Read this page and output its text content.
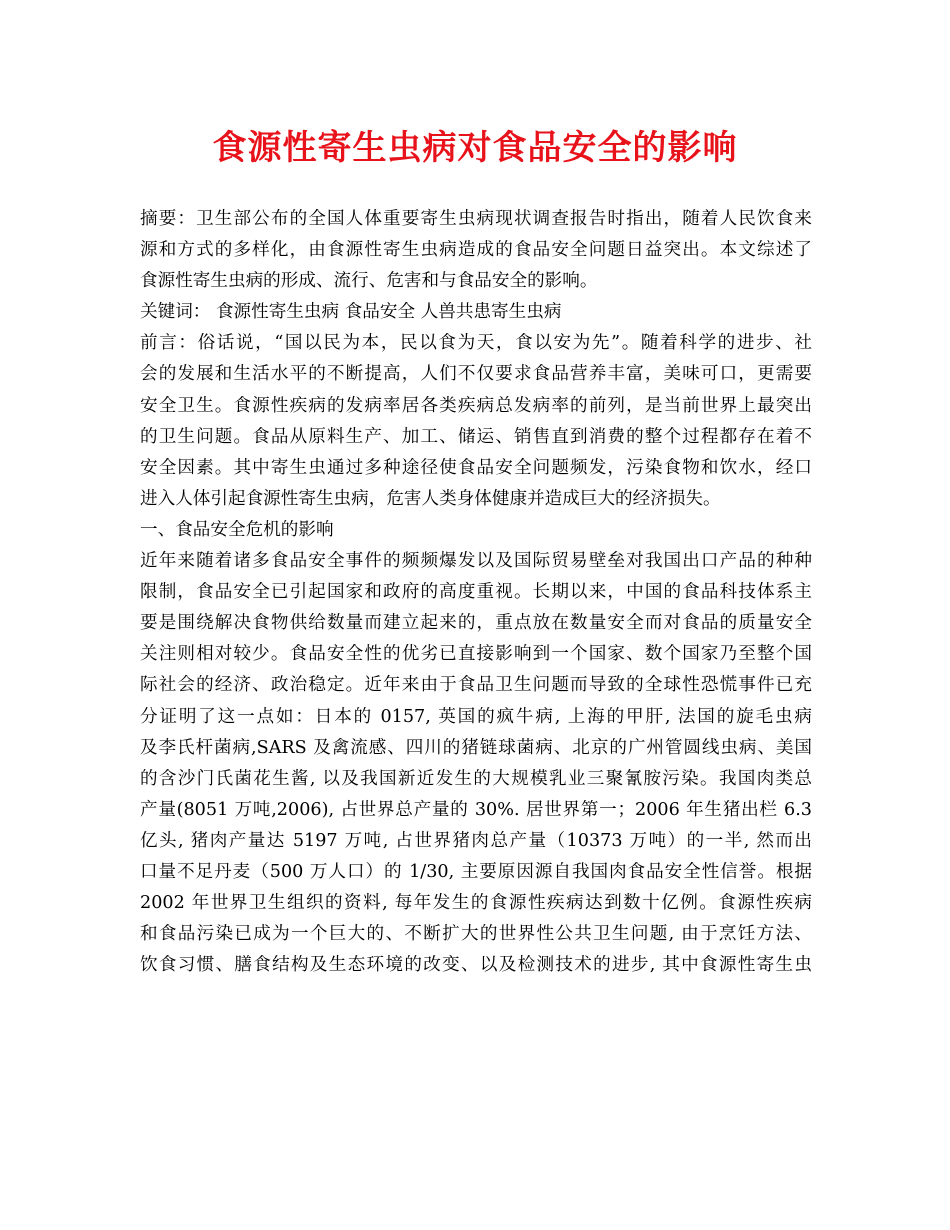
食源性寄生虫病对食品安全的影响
摘要：卫生部公布的全国人体重要寄生虫病现状调查报告时指出，随着人民饮食来
源和方式的多样化，由食源性寄生虫病造成的食品安全问题日益突出。本文综述了
食源性寄生虫病的形成、流行、危害和与食品安全的影响。
关键词： 食源性寄生虫病 食品安全 人兽共患寄生虫病
前言：俗话说，“国以民为本，民以食为天，食以安为先”。随着科学的进步、社
会的发展和生活水平的不断提高，人们不仅要求食品营养丰富，美味可口，更需要
安全卫生。食源性疾病的发病率居各类疾病总发病率的前列，是当前世界上最突出
的卫生问题。食品从原料生产、加工、储运、销售直到消费的整个过程都存在着不
安全因素。其中寄生虫通过多种途径使食品安全问题频发，污染食物和饮水，经口
进入人体引起食源性寄生虫病，危害人类身体健康并造成巨大的经济损失。
一、食品安全危机的影响
近年来随着诸多食品安全事件的频频爆发以及国际贸易壁垒对我国出口产品的种种
限制，食品安全已引起国家和政府的高度重视。长期以来，中国的食品科技体系主
要是围绕解决食物供给数量而建立起来的，重点放在数量安全而对食品的质量安全
关注则相对较少。食品安全性的优劣已直接影响到一个国家、数个国家乃至整个国
际社会的经济、政治稳定。近年来由于食品卫生问题而导致的全球性恐慌事件已充
分证明了这一点如：日本的 0157, 英国的疯牛病, 上海的甲肝, 法国的旋毛虫病
及李氏杆菌病,SARS 及禽流感、四川的猪链球菌病、北京的广州管圆线虫病、美国
的含沙门氏菌花生酱, 以及我国新近发生的大规模乳业三聚氰胺污染。我国肉类总
产量(8051 万吨,2006), 占世界总产量的 30%. 居世界第一；2006 年生猪出栏 6.3
亿头, 猪肉产量达 5197 万吨, 占世界猪肉总产量（10373 万吨）的一半, 然而出
口量不足丹麦（500 万人口）的 1/30, 主要原因源自我国肉食品安全性信誉。根据
2002 年世界卫生组织的资料, 每年发生的食源性疾病达到数十亿例。食源性疾病
和食品污染已成为一个巨大的、不断扩大的世界性公共卫生问题, 由于烹饪方法、
饮食习惯、膳食结构及生态环境的改变、以及检测技术的进步, 其中食源性寄生虫
